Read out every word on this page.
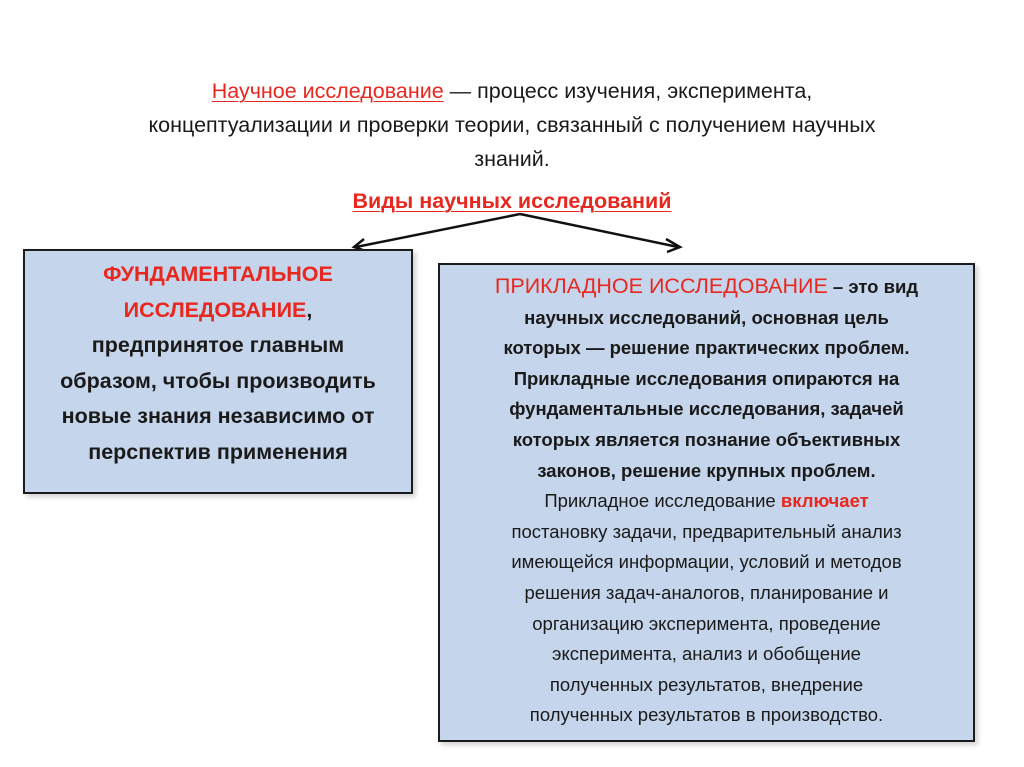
Научное исследование — процесс изучения, эксперимента,
концептуализации и проверки теории, связанный с получением научных
знаний.
Виды научных исследований
ФУНДАМЕНТАЛЬНОЕ
ИССЛЕДОВАНИЕ,
предпринятое главным
образом, чтобы производить
новые знания независимо от
перспектив применения
ПРИКЛАДНОЕ ИССЛЕДОВАНИЕ – это вид
научных исследований, основная цель
которых — решение практических проблем.
Прикладные исследования опираются на
фундаментальные исследования, задачей
которых является познание объективных
законов, решение крупных проблем.
Прикладное исследование включает
постановку задачи, предварительный анализ
имеющейся информации, условий и методов
решения задач-аналогов, планирование и
организацию эксперимента, проведение
эксперимента, анализ и обобщение
полученных результатов, внедрение
полученных результатов в производство.
